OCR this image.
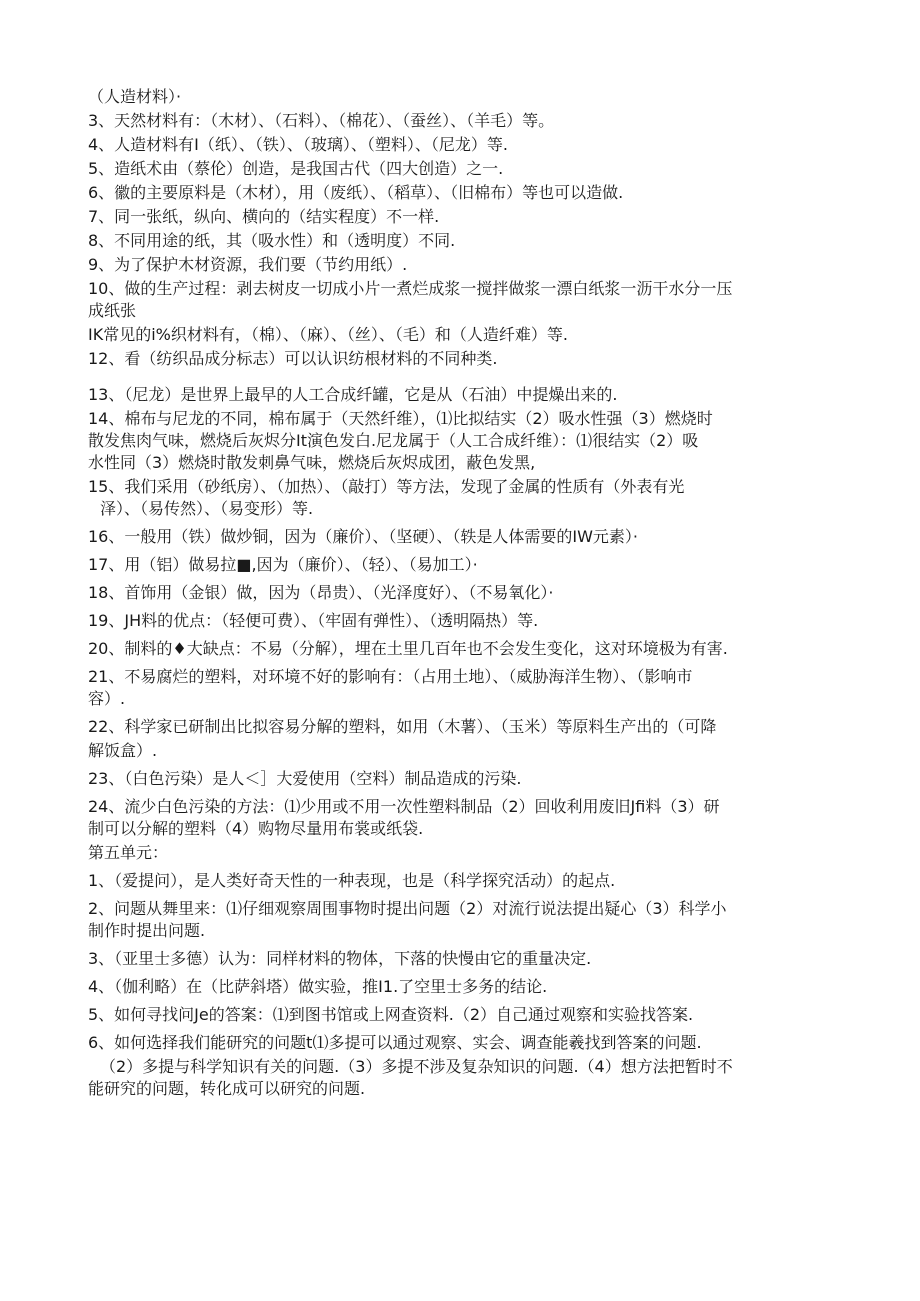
（人造材料）·
3、天然材料有：（木材）、（石料）、（棉花）、（蚕丝）、（羊毛）等。
4、人造材料有I（纸）、（铁）、（玻璃）、（塑料）、（尼龙）等.
5、造纸术由（蔡伦）创造，是我国古代（四大创造）之一.
6、徽的主要原料是（木材），用（废纸）、（稻草）、（旧棉布）等也可以造做.
7、同一张纸，纵向、横向的（结实程度）不一样.
8、不同用途的纸，其（吸水性）和（透明度）不同.
9、为了保护木材资源，我们要（节约用纸）.
10、做的生产过程：剥去树皮一切成小片一煮烂成浆一搅拌做浆一漂白纸浆一沥干水分一压
成纸张
IK常见的i%织材料有，（棉）、（麻）、（丝）、（毛）和（人造纤难）等.
12、看（纺织品成分标志）可以认识纺根材料的不同种类.
13、（尼龙）是世界上最早的人工合成纤罐，它是从（石油）中提燥出来的.
14、棉布与尼龙的不同，棉布属于（天然纤维），⑴比拟结实（2）吸水性强（3）燃烧时
散发焦肉气味，燃烧后灰烬分It演色发白.尼龙属于（人工合成纤维）：⑴很结实（2）吸
水性同（3）燃烧时散发刺鼻气味，燃烧后灰烬成团，蔽色发黑,
15、我们采用（砂纸房）、（加热）、（敲打）等方法，发现了金属的性质有（外表有光
泽）、（易传然）、（易变形）等.
16、一般用（铁）做炒铜，因为（廉价）、（坚硬）、（轶是人体需要的IW元素）·
17、用（铝）做易拉■,因为（廉价）、（轻）、（易加工）·
18、首饰用（金银）做，因为（昂贵）、（光泽度好）、（不易氧化）·
19、JH料的优点：（轻便可费）、（牢固有弹性）、（透明隔热）等.
20、制料的♦大缺点：不易（分解），埋在土里几百年也不会发生变化，这对环境极为有害.
21、不易腐烂的塑料，对环境不好的影响有：（占用土地）、（威胁海洋生物）、（影响市
容）.
22、科学家已研制出比拟容易分解的塑料，如用（木薯）、（玉米）等原料生产出的（可降
解饭盒）.
23、（白色污染）是人＜］大爱使用（空料）制品造成的污染.
24、流少白色污染的方法：⑴少用或不用一次性塑料制品（2）回收利用废旧Jfi料（3）研
制可以分解的塑料（4）购物尽量用布裳或纸袋.
第五单元：
1、（爱提问），是人类好奇天性的一种表现，也是（科学探究活动）的起点.
2、问题从舞里来：⑴仔细观察周围事物时提出问题（2）对流行说法提出疑心（3）科学小
制作时提出问题.
3、（亚里士多德）认为：同样材料的物体，下落的快慢由它的重量决定.
4、（伽利略）在（比萨斜塔）做实验，推I1.了空里士多务的结论.
5、如何寻找问Je的答案：⑴到图书馆或上网查资料.（2）自己通过观察和实验找答案.
6、如何选择我们能研究的问题t⑴多提可以通过观察、实会、调查能羲找到答案的问题.
（2）多提与科学知识有关的问题.（3）多提不涉及复杂知识的问题.（4）想方法把暂时不
能研究的问题，转化成可以研究的问题.
